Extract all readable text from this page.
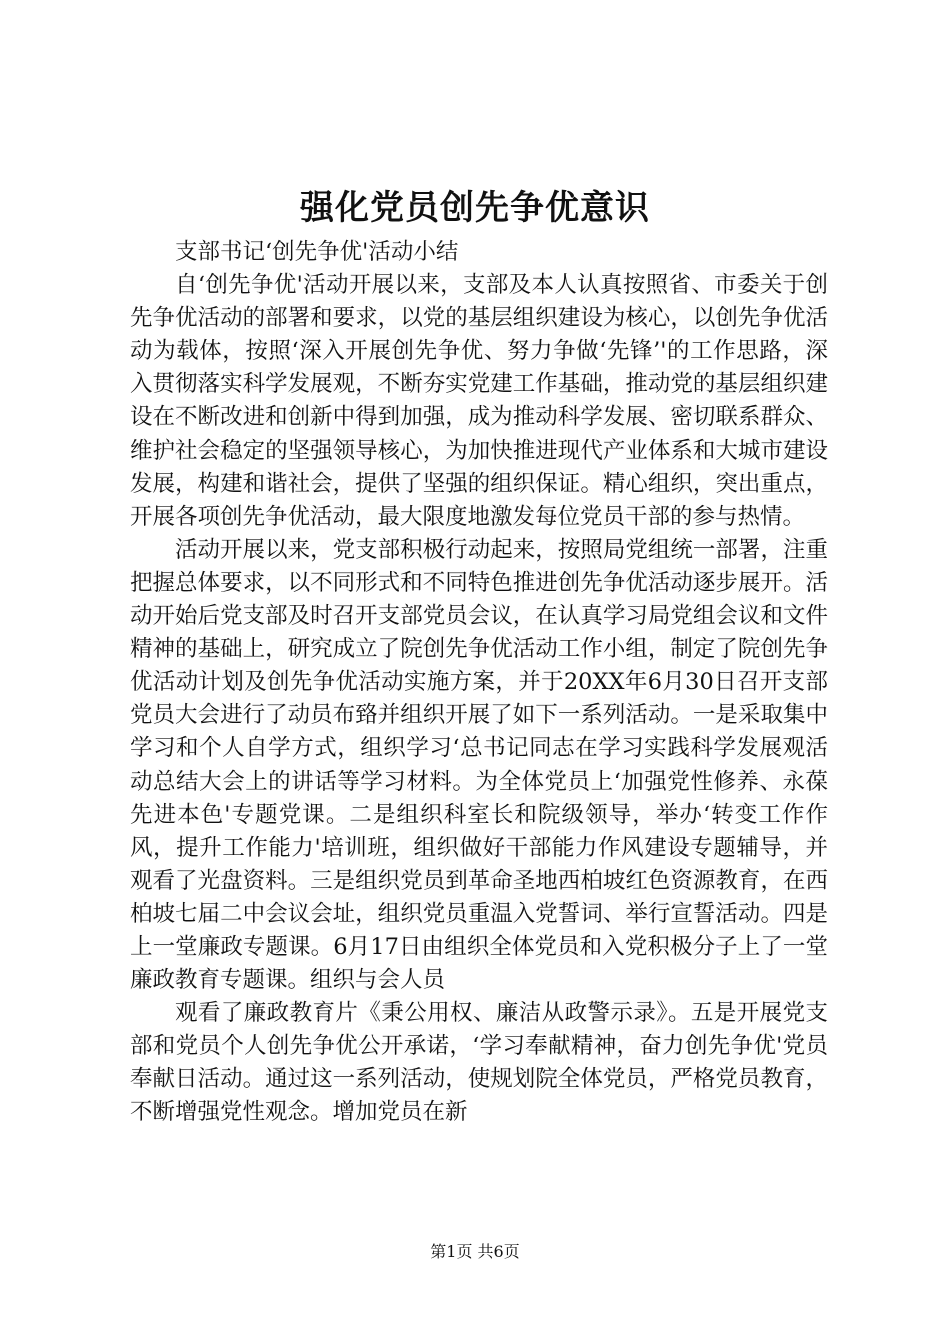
强化党员创先争优意识

支部书记‘创先争优'活动小结

自‘创先争优'活动开展以来，支部及本人认真按照省、市委关于创先争优活动的部署和要求，以党的基层组织建设为核心，以创先争优活动为载体，按照‘深入开展创先争优、努力争做‘先锋’'的工作思路，深入贯彻落实科学发展观，不断夯实党建工作基础，推动党的基层组织建设在不断改进和创新中得到加强，成为推动科学发展、密切联系群众、维护社会稳定的坚强领导核心，为加快推进现代产业体系和大城市建设发展，构建和谐社会，提供了坚强的组织保证。精心组织，突出重点，开展各项创先争优活动，最大限度地激发每位党员干部的参与热情。

活动开展以来，党支部积极行动起来，按照局党组统一部署，注重把握总体要求，以不同形式和不同特色推进创先争优活动逐步展开。活动开始后党支部及时召开支部党员会议，在认真学习局党组会议和文件精神的基础上，研究成立了院创先争优活动工作小组，制定了院创先争优活动计划及创先争优活动实施方案，并于20XX年6月30日召开支部党员大会进行了动员布臵并组织开展了如下一系列活动。一是采取集中学习和个人自学方式，组织学习‘总书记同志在学习实践科学发展观活动总结大会上的讲话等学习材料。为全体党员上‘加强党性修养、永葆先进本色'专题党课。二是组织科室长和院级领导，举办‘转变工作作风，提升工作能力'培训班，组织做好干部能力作风建设专题辅导，并观看了光盘资料。三是组织党员到革命圣地西柏坡红色资源教育，在西柏坡七届二中会议会址，组织党员重温入党誓词、举行宣誓活动。四是上一堂廉政专题课。6月17日由组织全体党员和入党积极分子上了一堂廉政教育专题课。组织与会人员

观看了廉政教育片《秉公用权、廉洁从政警示录》。五是开展党支部和党员个人创先争优公开承诺，‘学习奉献精神，奋力创先争优'党员奉献日活动。通过这一系列活动，使规划院全体党员，严格党员教育，不断增强党性观念。增加党员在新

第1页 共6页
